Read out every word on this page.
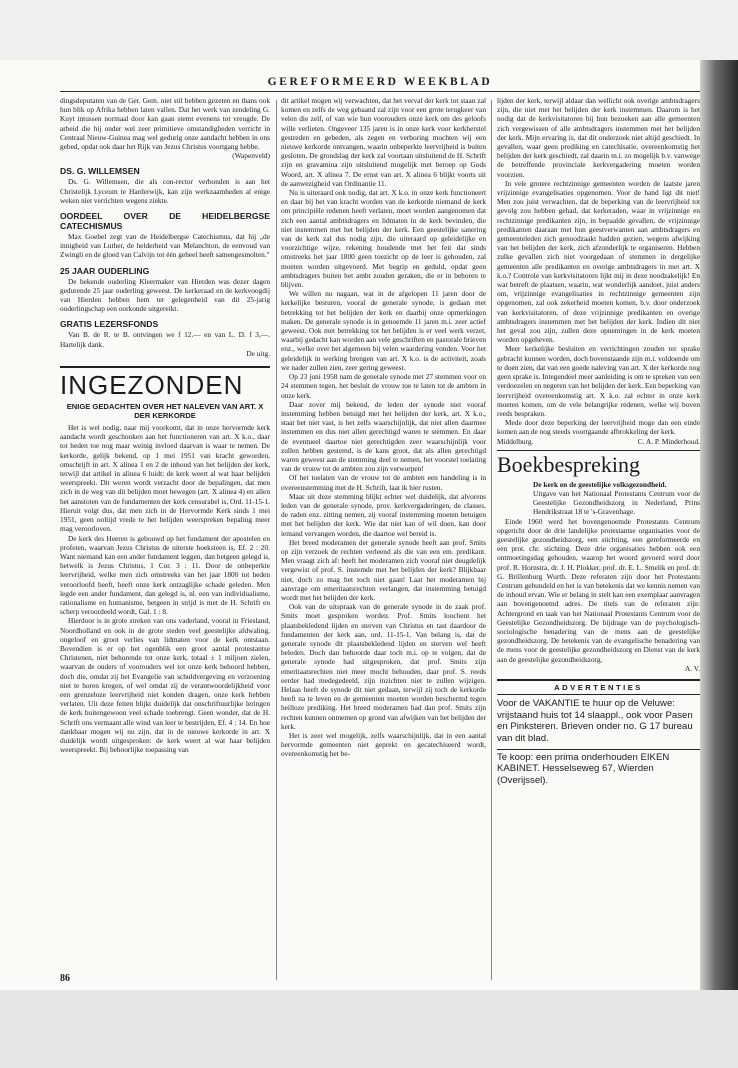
GEREFORMEERD WEEKBLAD

dingsdeputaten van de Ger. Gem. niet stil hebben gezeten en thans ook hun blik op Afrika hebben laten vallen. Dat het werk van zendeling G. Kuyt intussen normaal door kan gaan stemt evenens tot vreugde. De arbeid die hij onder wel zeer primitieve omstandigheden verricht in Centraal Nieuw-Guinea mag wel gedurig onze aandacht hebben in ons gebed, opdat ook daar het Rijk van Jezus Christus voortgang hebbe.

(Wapenveld)
DS. G. WILLEMSEN

Ds. G. Willemsen, die als con-rector verbonden is aan het Christelijk Lyceum te Harderwijk, kan zijn werkzaamheden al enige weken niet verrichten wegens ziekte.

OORDEEL OVER DE HEIDELBERGSE CATECHISMUS

Max Goebel zegt van de Heidelbergse Catechismus, dat hij „de innigheid van Luther, de helderheid van Melanchton, de eenvoud van Zwingli en de gloed van Calvijn tot één geheel heeft samengesmolten."

25 JAAR OUDERLING

De bekende ouderling Kleermaker van Hierden was dezer dagen gedurende 25 jaar ouderling geweest. De kerkeraad en de kerkvoogdij van Hierden hebben hem ter gelegenheid van dit 25-jarig ouderlingschap een oorkonde uitgereikt.

GRATIS LEZERSFONDS

Van B. de R. te B. ontvingen we f 12.— en van L. D. f 3,—. Hartelijk dank.

De uitg.
INGEZONDEN
ENIGE GEDACHTEN OVER HET NALEVEN VAN ART. X DER KERKORDE

Het is wel nodig, naar mij voorkomt, dat in onze hervormde kerk aandacht wordt geschonken aan het functioneren van art. X k.o., daar tot heden toe nog maar weinig invloed daarvan is waar te nemen. De kerkorde, gelijk bekend, op 1 mei 1951 van kracht geworden, omschrijft in art. X alinea 1 en 2 de inhoud van het belijden der kerk, terwijl dat artikel in alinea 6 luidt: de kerk weert al wat haar belijden weerspreekt. Dit weren wordt verzacht door de bepalingen, dat men zich in de weg van dit belijden moet bewegen (art. X alinea 4) en allen het aanstoten van de fundamenten der kerk censurabel is, Ord. 11-15-1. Hieruit volgt dus, dat men zich in de Hervormde Kerk sinds 1 mei 1951, geen ooltijd vrede te het belijden weerspreken bepaling meer mag veroorloven.

De kerk des Heeren is gebouwd op het fundament der apostelen en profeten, waarvan Jezus Christus de uiterste hoeksteen is, Ef. 2 : 20. Want niemand kan een ander fundament leggen, dan hetgeen gelegd is, hetwelk is Jezus Christus, 1 Cor. 3 : 11. Door de onbeperkte leervrijheid, welke men zich omstreeks van het jaar 1800 tot heden veroorloofd heeft, heeft onze kerk ontzaglijke schade geleden. Men legde een ander fundament, dan gelegd is, nl. een van individualisme, rationalisme en humanisme, hetgeen in strijd is met de H. Schrift en scherp veroordeeld wordt, Gal. 1 : 8.

Hierdoor is in grote streken van ons vaderland, vooral in Friesland, Noordholland en ook in de grote steden veel geestelijke afdwaling, ongeloof en groot verlies van lidmaten voor de kerk ontstaan. Bovendien is er op het ogenblik een groot aantal protestantse Christenen, niet behorende tot onze kerk, totaal ± 1 miljoen zielen, waarvan de ouders of voorouders wel tot onze kerk behoord hebben, doch die, omdat zij het Evangelie van schuldvergeving en verzoening niet te horen kregen, of wel omdat zij de verantwoordelijkheid voor een grenzeloze leervrijheid niet konden dragen, onze kerk hebben verlaten. Uit deze feiten blijkt duidelijk dat onschriftuurlijke leringen de kerk buitengewoon veel schade toebrengt. Geen wonder, dat de H. Schrift ons vermaant alle wind van leer te bestrijden, Ef. 4 : 14. En hoe dankbaar mogen wij nu zijn, dat in de nieuwe kerkorde in art. X duidelijk wordt uitgesproken: de kerk weert al wat haar belijden weerspreekt. Bij behoorlijke toepassing van

dit artikel mogen wij verwachten, dat het verval der kerk tot staan zal komen en zelfs de weg gebaand zal zijn voor een grote terugkeer van velen die zelf, of van wie hun voorouders onze kerk om des geloofs wille verlieten. Ongeveer 135 jaren is in onze kerk voor kerkherstel gestreden en gebeden, als zegen en verboring mochten wij een nieuwe kerkorde ontvangen, waarin onbeperkte leervrijheid is buiten gesloten. De grondslag der kerk zal voortaan uitsluitend de H. Schrift zijn en gravamina zijn uitsluitend mogelijk met beroep op Gods Woord, art. X alinea 7. De ernst van art. X alinea 6 blijkt voorts uit de aanwezigheid van Ordinantie 11.

Nu is uiteraard ook nodig, dat art. X k.o. in onze kerk functioneert en daar bij het van kracht worden van de kerkorde niemand de kerk om principiële redenen heeft verlaten, moet worden aangenomen dat zich een aantal ambtsdragers en lidmaten in de kerk bevinden, die niet instemmen met het belijden der kerk. Een geestelijke sanering van de kerk zal dus nodig zijn, die uiteraard op geleidelijke en voorzichtige wijze, rekening houdende met het feit dat sinds omstreeks het jaar 1800 geen toezicht op de leer is gehouden, zal moeten worden uitgevoerd. Met begrip en geduld, opdat geen ambtsdragers buiten het ambt zouden geraken, die er in behoren te blijven.

We willen nu nagaan, wat in de afgelopen 11 jaren door de kerkelijke besturen, vooral de generale synode, is gedaan met betrekking tot het belijden der kerk en daarbij onze opmerkingen maken. De generale synode is in genoemde 11 jaren m.i. zeer actief geweest. Ook met betrekking tot het belijden is er veel werk verzet, waarbij gedacht kan worden aan vele geschriften en pastorale brieven enz., welke over het algemeen bij velen waardering vonden. Voor het geleidelijk in werking brengen van art. X k.o. is de activiteit, zoals we nader zullen zien, zeer gering geweest.

Op 23 juni 1958 nam de generale synode met 27 stemmen voor en 24 stemmen tegen, het besluit de vrouw toe te laten tot de ambten in onze kerk.

Daar zover mij bekend, de leden der synode niet vooraf instemming hebben betuigd met het belijden der kerk, art. X k.o., staat het niet vast, is het zelfs waarschijnlijk, dat niet allen daarmee instemmen en dus niet allen gerechtigd waren te stemmen. En daar de eventueel daartoe niet gerechtigden zeer waarschijnlijk voor zullen hebben gestemd, is de kans groot, dat als allen gerechtigd waren geweest aan de stemming deel te nemen, het voorstel toelating van de vrouw tot de ambten zou zijn verworpen!

Of het toelaten van de vrouw tot de ambten een handeling is in overeenstemming met de H. Schrift, laat ik hier rusten.

Maar uit deze stemming blijkt echter wel duidelijk, dat alvorens leden van de generale synode, prov. kerkvergaderingen, de classes, de raden enz. zitting nemen, zij vooraf instemming moeten betuigen met het belijden der kerk. Wie dat niet kan of wil doen, kan door iemand vervangen worden, die daartoe wel bereid is.

Het breed moderamen der generale synode heeft aan prof. Smits op zijn verzoek de rechten verleend als die van een em. predikant. Men vraagt zich af: heeft het moderamen zich vooraf niet deugdelijk vergewist of prof. S. instemde met het belijden der kerk? Blijkbaar niet, doch zo mag het toch niet gaan! Laat het moderamen bij aanvrage om emeritaatsrechten verlangen, dat instemming betuigd wordt met het belijden der kerk.

Ook van de uitspraak van de generale synode in de zaak prof. Smits moet gesproken worden. Prof. Smits loochent het plaatsbekledend lijden en sterven van Christus en tast daardoor de fundamenten der kerk aan, ord. 11-15-1. Van belang is, dat de generale synode dit plaatsbekledend lijden en sterven wel heeft beleden. Doch dan behoorde daar toch m.i. op te volgen, dat de generale synode had uitgesproken, dat prof. Smits zijn emeritaatsrechten niet meer mocht behouden, daar prof. S. reeds eerder had medegedeeld, zijn inzichten niet te zullen wijzigen. Helaas heeft de synode dit niet gedaan, terwijl zij toch de kerkorde heeft na te leven en de gemeenten moeten worden beschermd tegen heilloze prediking. Het breed moderamen had dan prof. Smits zijn rechten kunnen ontnemen op grond van afwijken van het belijden der kerk.

Het is zeer wel mogelijk, zelfs waarschijnlijk, dat in een aantal hervormde gemeenten niet geprekt en gecatechiseerd wordt, overeenkomstig het be-

lijden der kerk, terwijl aldaar dan wellicht ook overige ambtsdragers zijn, die niet met het belijden der kerk instemmen. Daarom is het nodig dat de kerkvisitatoren bij hun bezoeken aan alle gemeenten zich vergewissen of alle ambtsdragers instemmen met het belijden der kerk. Mijn ervaring is, dat dit onderzoek niet altijd geschiedt. In gevallen, waar geen prediking en catechisatie, overeenkomstig het belijden der kerk geschiedt, zal daarin m.i. zo mogelijk b.v. vanwege de betreffende provinciale kerkvergadering moeten worden voorzien.

In vele grotere rechtzinnige gemeenten worden de laatste jaren vrijzinnige evangelisaties opgenomen. Voor de hand ligt dit niet! Men zou juist verwachten, dat de beperking van de leervrijheid tot gevolg zou hebben gehad, dat kerkeraden, waar in vrijzinnige en rechtzinnige predikanten zijn, in bepaalde gevallen, de vrijzinnige predikanten daaraan met hun geestverwanten aan ambtsdragers en gemeenteleden zich genoodzaakt hadden gezien, wegens afwijking van het belijden der kerk, zich afzonderlijk te organiseren. Hebben zulke gevallen zich niet voorgedaan of stemmen in dergelijke gemeenten alle predikanten en overige ambtsdragers in met art. X k.o.? Controle van kerkvisitatoren lijkt mij in deze noodzakelijk! En wat betreft de plaatsen, waarin, wat wonderlijk aandoet, juist anders om, vrijzinnige evangelisaties in rechtzinnige gemeenten zijn opgenomen, zal ook zekerheid moeten komen, b.v. door onderzoek van kerkvisitatoren, of deze vrijzinnige predikanten en overige ambtsdragers instemmen met het belijden der kerk. Indien dit niet het geval zou zijn, zullen deze opnemingen in de kerk moeten worden opgeheven.

Meer kerkelijke besluiten en verrichtingen zouden ter sprake gebracht kunnen worden, doch bovenstaande zijn m.i. voldoende om te doen zien, dat van een goede naleving van art. X der kerkorde nog geen sprake is. Integendeel meer aanleiding is om te spreken van een verdoezelen en negeren van het belijden der kerk. Een beperking van leervrijheid overeenkomstig art. X k.o. zal echter in onze kerk moeten komen, om de vele belangrijke redenen, welke wij boven reeds bespraken.

Mede door deze beperking der leervrijheid moge dan een einde komen aan de nog steeds voortgaande afbrokkeling der kerk.

Middelburg.	C. A. P. Minderhoud.
Boekbespreking

De kerk en de geestelijke volksgezondheid.

Uitgave van het Nationaal Protestants Centrum voor de Geestelijke Gezondheidszorg in Nederland, Prins Hendrikstraat 18 te 's-Gravenhage.

Einde 1960 werd het bovengenoemde Protestants Centrum opgericht door de drie landelijke protestantse organisaties voor de geestelijke gezondheidszorg, een stichting, een gereformeerde en een prot. chr. stichting. Deze drie organisaties hebben ook een ontmoetingsdag gehouden, waarop het woord gevoerd werd door prof. R. Hornstra, dr. J. H. Plokker, prof. dr. E. L. Smelik en prof. dr. G. Brillenburg Wurth. Deze referaten zijn door het Protestants Centrum gebundeld en het is van betekenis dat we kennis nemen van de inhoud ervan. Wie er belang in stelt kan een exemplaar aanvragen aan bovengenoemd adres. De titels van de referaten zijn: Achtergrond en taak van het Nationaal Protestants Centrum voor de Geestelijke Gezondheidszorg. De bijdrage van de psychologisch-sociologische benadering van de mens aan de geestelijke gezondheidszorg. De betekenis van de evangelische benadering van de mens voor de geestelijke gezondheidszorg en Dienst van de kerk aan de geestelijke gezondheidszorg.

A. V.
ADVERTENTIES
Voor de VAKANTIE te huur op de Veluwe: vrijstaand huis tot 14 slaappl., ook voor Pasen en Pinksteren. Brieven onder no. G 17 bureau van dit blad.
Te koop: een prima onderhouden EIKEN KABINET. Hesselseweg 67, Wierden (Overijssel).
86
